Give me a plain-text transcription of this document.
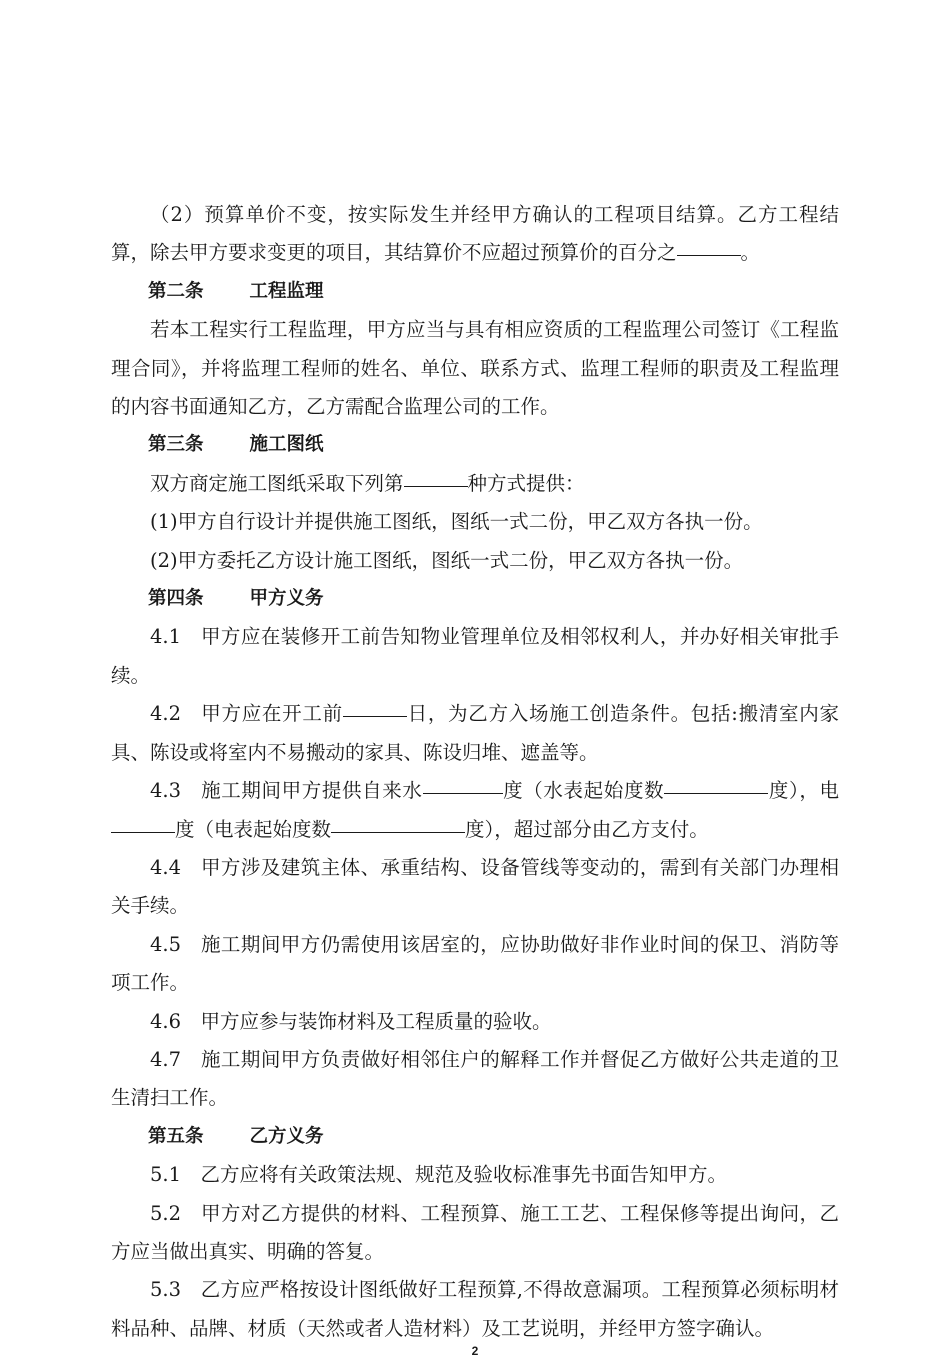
（2）预算单价不变，按实际发生并经甲方确认的工程项目结算。乙方工程结算，除去甲方要求变更的项目，其结算价不应超过预算价的百分之	。

第二条 工程监理

若本工程实行工程监理，甲方应当与具有相应资质的工程监理公司签订《工程监理合同》，并将监理工程师的姓名、单位、联系方式、监理工程师的职责及工程监理的内容书面通知乙方，乙方需配合监理公司的工作。

第三条 施工图纸

双方商定施工图纸采取下列第	种方式提供：

(1)甲方自行设计并提供施工图纸，图纸一式二份，甲乙双方各执一份。

(2)甲方委托乙方设计施工图纸，图纸一式二份，甲乙双方各执一份。

第四条 甲方义务

4.1  甲方应在装修开工前告知物业管理单位及相邻权利人，并办好相关审批手续。

4.2  甲方应在开工前	日，为乙方入场施工创造条件。包括:搬清室内家具、陈设或将室内不易搬动的家具、陈设归堆、遮盖等。

4.3  施工期间甲方提供自来水	度（水表起始度数	度），电度（电表起始度数	度），超过部分由乙方支付。

4.4  甲方涉及建筑主体、承重结构、设备管线等变动的，需到有关部门办理相关手续。

4.5  施工期间甲方仍需使用该居室的，应协助做好非作业时间的保卫、消防等项工作。

4.6  甲方应参与装饰材料及工程质量的验收。

4.7  施工期间甲方负责做好相邻住户的解释工作并督促乙方做好公共走道的卫生清扫工作。

第五条 乙方义务

5.1  乙方应将有关政策法规、规范及验收标准事先书面告知甲方。

5.2  甲方对乙方提供的材料、工程预算、施工工艺、工程保修等提出询问，乙方应当做出真实、明确的答复。

5.3  乙方应严格按设计图纸做好工程预算,不得故意漏项。工程预算必须标明材料品种、品牌、材质（天然或者人造材料）及工艺说明，并经甲方签字确认。

2
